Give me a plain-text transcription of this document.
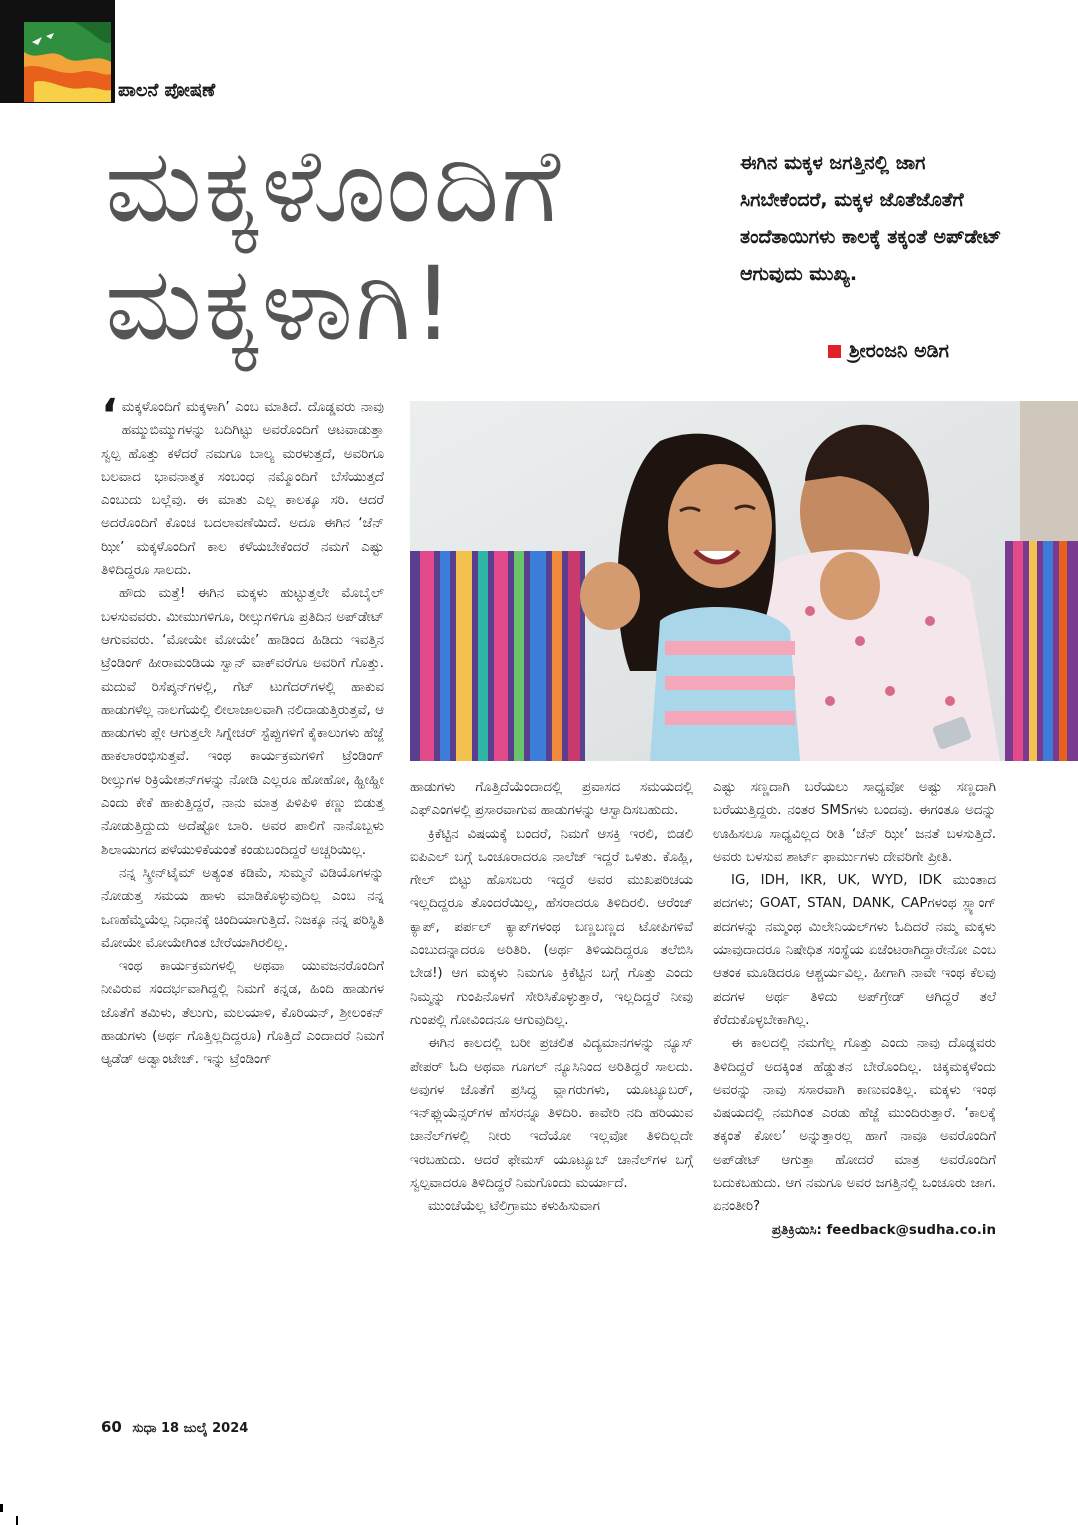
ಪಾಲನೆ ಪೋಷಣೆ
ಮಕ್ಕಳೊಂದಿಗೆ
ಮಕ್ಕಳಾಗಿ!
ಈಗಿನ ಮಕ್ಕಳ ಜಗತ್ತಿನಲ್ಲಿ ಜಾಗ ಸಿಗಬೇಕೆಂದರೆ, ಮಕ್ಕಳ ಜೊತೆಜೊತೆಗೆ ತಂದೆತಾಯಿಗಳು ಕಾಲಕ್ಕೆ ತಕ್ಕಂತೆ ಅಪ್‌ಡೇಟ್ ಆಗುವುದು ಮುಖ್ಯ.
ಶ್ರೀರಂಜನಿ ಅಡಿಗ

‘ ಮಕ್ಕಳೊಂದಿಗೆ ಮಕ್ಕಳಾಗಿ’ ಎಂಬ ಮಾತಿದೆ. ದೊಡ್ಡವರು ನಾವು ಹಮ್ಮುಬಿಮ್ಮುಗಳನ್ನು ಬದಿಗಿಟ್ಟು ಅವರೊಂದಿಗೆ ಆಟವಾಡುತ್ತಾ ಸ್ವಲ್ಪ ಹೊತ್ತು ಕಳೆದರೆ ನಮಗೂ ಬಾಲ್ಯ ಮರಳುತ್ತದೆ, ಅವರಿಗೂ ಬಲವಾದ ಭಾವನಾತ್ಮಕ ಸಂಬಂಧ ನಮ್ಮೊಂದಿಗೆ ಬೆಸೆಯುತ್ತದೆ ಎಂಬುದು ಬಲ್ಲೆವು. ಈ ಮಾತು ಎಲ್ಲ ಕಾಲಕ್ಕೂ ಸರಿ. ಆದರೆ ಅದರೊಂದಿಗೆ ಕೊಂಚ ಬದಲಾವಣೆಯಿದೆ. ಅದೂ ಈಗಿನ ‘ಜೆನ್ ಝೀ’ ಮಕ್ಕಳೊಂದಿಗೆ ಕಾಲ ಕಳೆಯಬೇಕೆಂದರೆ ನಮಗೆ ಎಷ್ಟು ತಿಳಿದಿದ್ದರೂ ಸಾಲದು.

ಹೌದು ಮತ್ತೆ! ಈಗಿನ ಮಕ್ಕಳು ಹುಟ್ಟುತ್ತಲೇ ಮೊಬೈಲ್ ಬಳಸುವವರು. ಮೀಮುಗಳಿಗೂ, ರೀಲ್ಸುಗಳಿಗೂ ಪ್ರತಿದಿನ ಅಪ್‌ಡೇಟ್ ಆಗುವವರು. ‘ಮೋಯೇ ಮೋಯೇ’ ಹಾಡಿಂದ ಹಿಡಿದು ಇವತ್ತಿನ ಟ್ರೆಂಡಿಂಗ್ ಹೀರಾಮಂಡಿಯ ಸ್ವಾನ್ ವಾಕ್‌ವರೆಗೂ ಅವರಿಗೆ ಗೊತ್ತು. ಮದುವೆ ರಿಸೆಪ್ಶನ್‌ಗಳಲ್ಲಿ, ಗೆಟ್ ಟುಗೆದರ್‌ಗಳಲ್ಲಿ ಹಾಕುವ ಹಾಡುಗಳೆಲ್ಲ ನಾಲಗೆಯಲ್ಲಿ ಲೀಲಾಜಾಲವಾಗಿ ನಲಿದಾಡುತ್ತಿರುತ್ತವೆ, ಆ ಹಾಡುಗಳು ಪ್ಲೇ ಆಗುತ್ತಲೇ ಸಿಗ್ನೇಚರ್ ಸ್ಟೆಪ್ಪುಗಳಿಗೆ ಕೈಕಾಲುಗಳು ಹೆಜ್ಜೆ ಹಾಕಲಾರಂಭಿಸುತ್ತವೆ. ಇಂಥ ಕಾರ್ಯಕ್ರಮಗಳಿಗೆ ಟ್ರೆಂಡಿಂಗ್ ರೀಲ್ಸುಗಳ ರಿಕ್ರಿಯೇಶನ್‌ಗಳನ್ನು ನೋಡಿ ಎಲ್ಲರೂ ಹೋಹೋ, ಹ್ಹೀಹ್ಹೀ ಎಂದು ಕೇಕೆ ಹಾಕುತ್ತಿದ್ದರೆ, ನಾನು ಮಾತ್ರ ಪಿಳಿಪಿಳಿ ಕಣ್ಣು ಬಿಡುತ್ತ ನೋಡುತ್ತಿದ್ದುದು ಅದೆಷ್ಟೋ ಬಾರಿ. ಅವರ ಪಾಲಿಗೆ ನಾನೊಬ್ಬಳು ಶಿಲಾಯುಗದ ಪಳೆಯುಳಿಕೆಯಂತೆ ಕಂಡುಬಂದಿದ್ದರೆ ಅಚ್ಚರಿಯಿಲ್ಲ.

ನನ್ನ ಸ್ಕ್ರೀನ್‌ಟೈಮ್ ಅತ್ಯಂತ ಕಡಿಮೆ, ಸುಮ್ಮನೆ ವಿಡಿಯೊಗಳನ್ನು ನೋಡುತ್ತ ಸಮಯ ಹಾಳು ಮಾಡಿಕೊಳ್ಳುವುದಿಲ್ಲ ಎಂಬ ನನ್ನ ಒಣಹೆಮ್ಮೆಯೆಲ್ಲ ನಿಧಾನಕ್ಕೆ ಚಿಂದಿಯಾಗುತ್ತಿದೆ. ನಿಜಕ್ಕೂ ನನ್ನ ಪರಿಸ್ಥಿತಿ ಮೋಯೇ ಮೋಯೇಗಿಂತ ಬೇರೆಯಾಗಿರಲಿಲ್ಲ.

ಇಂಥ ಕಾರ್ಯಕ್ರಮಗಳಲ್ಲಿ ಅಥವಾ ಯುವಜನರೊಂದಿಗೆ ನೀವಿರುವ ಸಂದರ್ಭವಾಗಿದ್ದಲ್ಲಿ ನಿಮಗೆ ಕನ್ನಡ, ಹಿಂದಿ ಹಾಡುಗಳ ಜೊತೆಗೆ ತಮಿಳು, ತೆಲುಗು, ಮಲಯಾಳಿ, ಕೊರಿಯನ್, ಶ್ರೀಲಂಕನ್ ಹಾಡುಗಳು (ಅರ್ಥ ಗೊತ್ತಿಲ್ಲದಿದ್ದರೂ) ಗೊತ್ತಿದೆ ಎಂದಾದರೆ ನಿಮಗೆ ಆ್ಯಡೆಡ್ ಅಡ್ವಾಂಟೇಜ್. ಇನ್ನು ಟ್ರೆಂಡಿಂಗ್

ಹಾಡುಗಳು ಗೊತ್ತಿದೆಯೆಂದಾದಲ್ಲಿ ಪ್ರವಾಸದ ಸಮಯದಲ್ಲಿ ಎಫ್‌ಎಂಗಳಲ್ಲಿ ಪ್ರಸಾರವಾಗುವ ಹಾಡುಗಳನ್ನು ಆಸ್ವಾದಿಸಬಹುದು.

ಕ್ರಿಕೆಟ್ಟಿನ ವಿಷಯಕ್ಕೆ ಬಂದರೆ, ನಿಮಗೆ ಆಸಕ್ತಿ ಇರಲಿ, ಬಿಡಲಿ ಐಪಿಎಲ್ ಬಗ್ಗೆ ಒಂಚೂರಾದರೂ ನಾಲೆಜ್ ಇದ್ದರೆ ಒಳಿತು. ಕೊಹ್ಲಿ, ಗೇಲ್ ಬಿಟ್ಟು ಹೊಸಬರು ಇದ್ದರೆ ಅವರ ಮುಖಪರಿಚಯ ಇಲ್ಲದಿದ್ದರೂ ತೊಂದರೆಯಿಲ್ಲ, ಹೆಸರಾದರೂ ತಿಳಿದಿರಲಿ. ಆರೆಂಜ್ ಕ್ಯಾಪ್, ಪರ್ಪಲ್ ಕ್ಯಾಪ್‌ಗಳಂಥ ಬಣ್ಣಬಣ್ಣದ ಟೋಪಿಗಳಿವೆ ಎಂಬುದನ್ನಾದರೂ ಅರಿತಿರಿ. (ಅರ್ಥ ತಿಳಿಯದಿದ್ದರೂ ತಲೆಬಿಸಿ ಬೇಡ!) ಆಗ ಮಕ್ಕಳು ನಿಮಗೂ ಕ್ರಿಕೆಟ್ಟಿನ ಬಗ್ಗೆ ಗೊತ್ತು ಎಂದು ನಿಮ್ಮನ್ನು ಗುಂಪಿನೊಳಗೆ ಸೇರಿಸಿಕೊಳ್ಳುತ್ತಾರೆ, ಇಲ್ಲದಿದ್ದರೆ ನೀವು ಗುಂಪಲ್ಲಿ ಗೋವಿಂದನೂ ಆಗುವುದಿಲ್ಲ.

ಈಗಿನ ಕಾಲದಲ್ಲಿ ಬರೀ ಪ್ರಚಲಿತ ವಿದ್ಯಮಾನಗಳನ್ನು ನ್ಯೂಸ್ ಪೇಪರ್ ಓದಿ ಅಥವಾ ಗೂಗಲ್ ನ್ಯೂಸಿನಿಂದ ಅರಿತಿದ್ದರೆ ಸಾಲದು. ಅವುಗಳ ಜೊತೆಗೆ ಪ್ರಸಿದ್ಧ ವ್ಲಾಗರುಗಳು, ಯೂಟ್ಯೂಬರ್, ಇನ್‌ಫ್ಲುಯೆನ್ಸರ್‌ಗಳ ಹೆಸರನ್ನೂ ತಿಳಿದಿರಿ. ಕಾವೇರಿ ನದಿ ಹರಿಯುವ ಚಾನೆಲ್‌ಗಳಲ್ಲಿ ನೀರು ಇದೆಯೋ ಇಲ್ಲವೋ ತಿಳಿದಿಲ್ಲದೇ ಇರಬಹುದು. ಆದರೆ ಫೇಮಸ್ ಯೂಟ್ಯೂಬ್ ಚಾನೆಲ್‌ಗಳ ಬಗ್ಗೆ ಸ್ವಲ್ಪವಾದರೂ ತಿಳಿದಿದ್ದರೆ ನಿಮಗೊಂದು ಮರ್ಯಾದೆ.

ಮುಂಚೆಯೆಲ್ಲ ಟೆಲಿಗ್ರಾಮು ಕಳುಹಿಸುವಾಗ

ಎಷ್ಟು ಸಣ್ಣದಾಗಿ ಬರೆಯಲು ಸಾಧ್ಯವೋ ಅಷ್ಟು ಸಣ್ಣದಾಗಿ ಬರೆಯುತ್ತಿದ್ದರು. ನಂತರ SMSಗಳು ಬಂದವು. ಈಗಂತೂ ಅದನ್ನು ಊಹಿಸಲೂ ಸಾಧ್ಯವಿಲ್ಲದ ರೀತಿ ‘ಜೆನ್ ಝೀ’ ಜನತೆ ಬಳಸುತ್ತಿದೆ. ಅವರು ಬಳಸುವ ಶಾರ್ಟ್ ಫಾರ್ಮುಗಳು ದೇವರಿಗೇ ಪ್ರೀತಿ.

IG, IDH, IKR, UK, WYD, IDK ಮುಂತಾದ ಪದಗಳು; GOAT, STAN, DANK, CAPಗಳಂಥ ಸ್ಲ್ಯಾಂಗ್ ಪದಗಳನ್ನು ನಮ್ಮಂಥ ಮಿಲೇನಿಯಲ್‌ಗಳು ಓದಿದರೆ ನಮ್ಮ ಮಕ್ಕಳು ಯಾವುದಾದರೂ ನಿಷೇಧಿತ ಸಂಸ್ಥೆಯ ಏಜೆಂಟರಾಗಿದ್ದಾರೇನೋ ಎಂಬ ಆತಂಕ ಮೂಡಿದರೂ ಆಶ್ಚರ್ಯವಿಲ್ಲ. ಹೀಗಾಗಿ ನಾವೇ ಇಂಥ ಕೆಲವು ಪದಗಳ ಅರ್ಥ ತಿಳಿದು ಅಪ್‌ಗ್ರೇಡ್ ಆಗಿದ್ದರೆ ತಲೆ ಕೆರೆದುಕೊಳ್ಳಬೇಕಾಗಿಲ್ಲ.

ಈ ಕಾಲದಲ್ಲಿ ನಮಗೆಲ್ಲ ಗೊತ್ತು ಎಂದು ನಾವು ದೊಡ್ಡವರು ತಿಳಿದಿದ್ದರೆ ಅದಕ್ಕಿಂತ ಹೆಡ್ಡುತನ ಬೇರೊಂದಿಲ್ಲ. ಚಿಕ್ಕಮಕ್ಕಳೆಂದು ಅವರನ್ನು ನಾವು ಸಸಾರವಾಗಿ ಕಾಣುವಂತಿಲ್ಲ. ಮಕ್ಕಳು ಇಂಥ ವಿಷಯದಲ್ಲಿ ನಮಗಿಂತ ಎರಡು ಹೆಜ್ಜೆ ಮುಂದಿರುತ್ತಾರೆ. ‘ಕಾಲಕ್ಕೆ ತಕ್ಕಂತೆ ಕೋಲ’ ಅನ್ನುತ್ತಾರಲ್ಲ ಹಾಗೆ ನಾವೂ ಅವರೊಂದಿಗೆ ಅಪ್‌ಡೇಟ್ ಆಗುತ್ತಾ ಹೋದರೆ ಮಾತ್ರ ಅವರೊಂದಿಗೆ ಬದುಕಬಹುದು. ಆಗ ನಮಗೂ ಅವರ ಜಗತ್ತಿನಲ್ಲಿ ಒಂಚೂರು ಜಾಗ. ಏನಂತೀರಿ?

ಪ್ರತಿಕ್ರಿಯಿಸಿ: feedback@sudha.co.in
60 ಸುಧಾ 18 ಜುಲೈ 2024
